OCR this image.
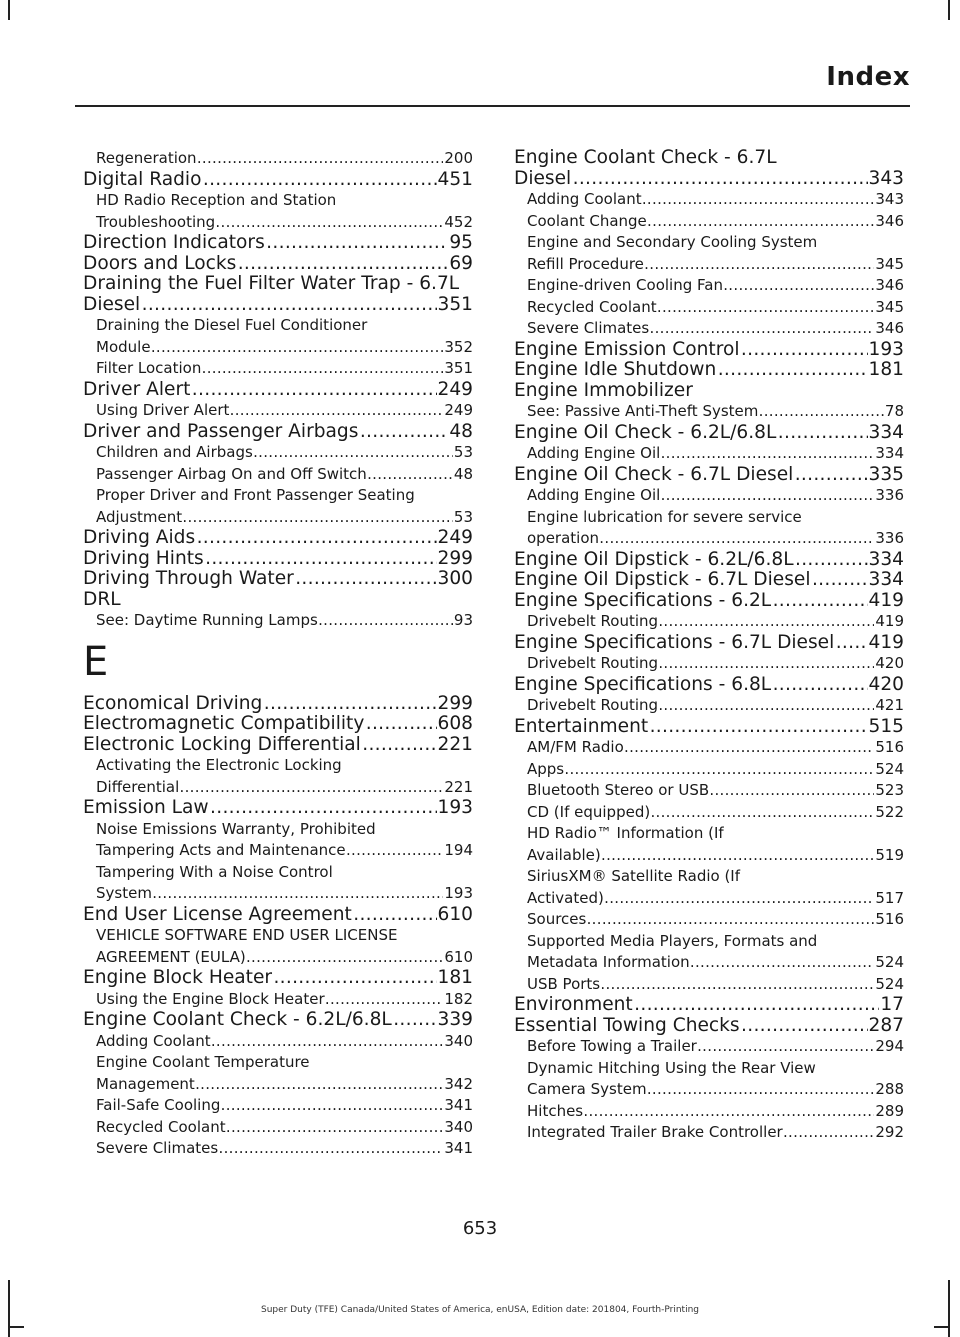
Index
Regeneration .....	200
Digital Radio .....	451
HD Radio Reception and Station
Troubleshooting .....	452
Direction Indicators .....	95
Doors and Locks .....	69
Draining the Fuel Filter Water Trap - 6.7L
Diesel .....	351
Draining the Diesel Fuel Conditioner
Module .....	352
Filter Location .....	351
Driver Alert .....	249
Using Driver Alert .....	249
Driver and Passenger Airbags .....	48
Children and Airbags .....	53
Passenger Airbag On and Off Switch .....	48
Proper Driver and Front Passenger Seating
Adjustment .....	53
Driving Aids .....	249
Driving Hints .....	299
Driving Through Water .....	300
DRL
See: Daytime Running Lamps .....	93
E
Economical Driving .....	299
Electromagnetic Compatibility .....	608
Electronic Locking Differential .....	221
Activating the Electronic Locking
Differential .....	221
Emission Law .....	193
Noise Emissions Warranty, Prohibited
Tampering Acts and Maintenance .....	194
Tampering With a Noise Control
System .....	193
End User License Agreement .....	610
VEHICLE SOFTWARE END USER LICENSE
AGREEMENT (EULA) .....	610
Engine Block Heater .....	181
Using the Engine Block Heater .....	182
Engine Coolant Check - 6.2L/6.8L ..... 339
Adding Coolant .....	340
Engine Coolant Temperature
Management .....	342
Fail-Safe Cooling .....	341
Recycled Coolant .....	340
Severe Climates .....	341
Engine Coolant Check - 6.7L
Diesel .....	343
Adding Coolant .....	343
Coolant Change .....	346
Engine and Secondary Cooling System
Refill Procedure .....	345
Engine-driven Cooling Fan .....	346
Recycled Coolant .....	345
Severe Climates .....	346
Engine Emission Control .....	193
Engine Idle Shutdown .....	181
Engine Immobilizer
See: Passive Anti-Theft System .....	78
Engine Oil Check - 6.2L/6.8L .....	334
Adding Engine Oil .....	334
Engine Oil Check - 6.7L Diesel .....	335
Adding Engine Oil .....	336
Engine lubrication for severe service
operation .....	336
Engine Oil Dipstick - 6.2L/6.8L .....	334
Engine Oil Dipstick - 6.7L Diesel .....	334
Engine Specifications - 6.2L .....	419
Drivebelt Routing .....	419
Engine Specifications - 6.7L Diesel ..... 419
Drivebelt Routing .....	420
Engine Specifications - 6.8L .....	420
Drivebelt Routing .....	421
Entertainment .....	515
AM/FM Radio .....	516
Apps .....	524
Bluetooth Stereo or USB .....	523
CD (If equipped) .....	522
HD Radio™ Information (If
Available) .....	519
SiriusXM® Satellite Radio (If
Activated) .....	517
Sources .....	516
Supported Media Players, Formats and
Metadata Information .....	524
USB Ports .....	524
Environment .....	17
Essential Towing Checks .....	287
Before Towing a Trailer .....	294
Dynamic Hitching Using the Rear View
Camera System .....	288
Hitches .....	289
Integrated Trailer Brake Controller .....	292
653
Super Duty (TFE) Canada/United States of America, enUSA, Edition date: 201804, Fourth-Printing
